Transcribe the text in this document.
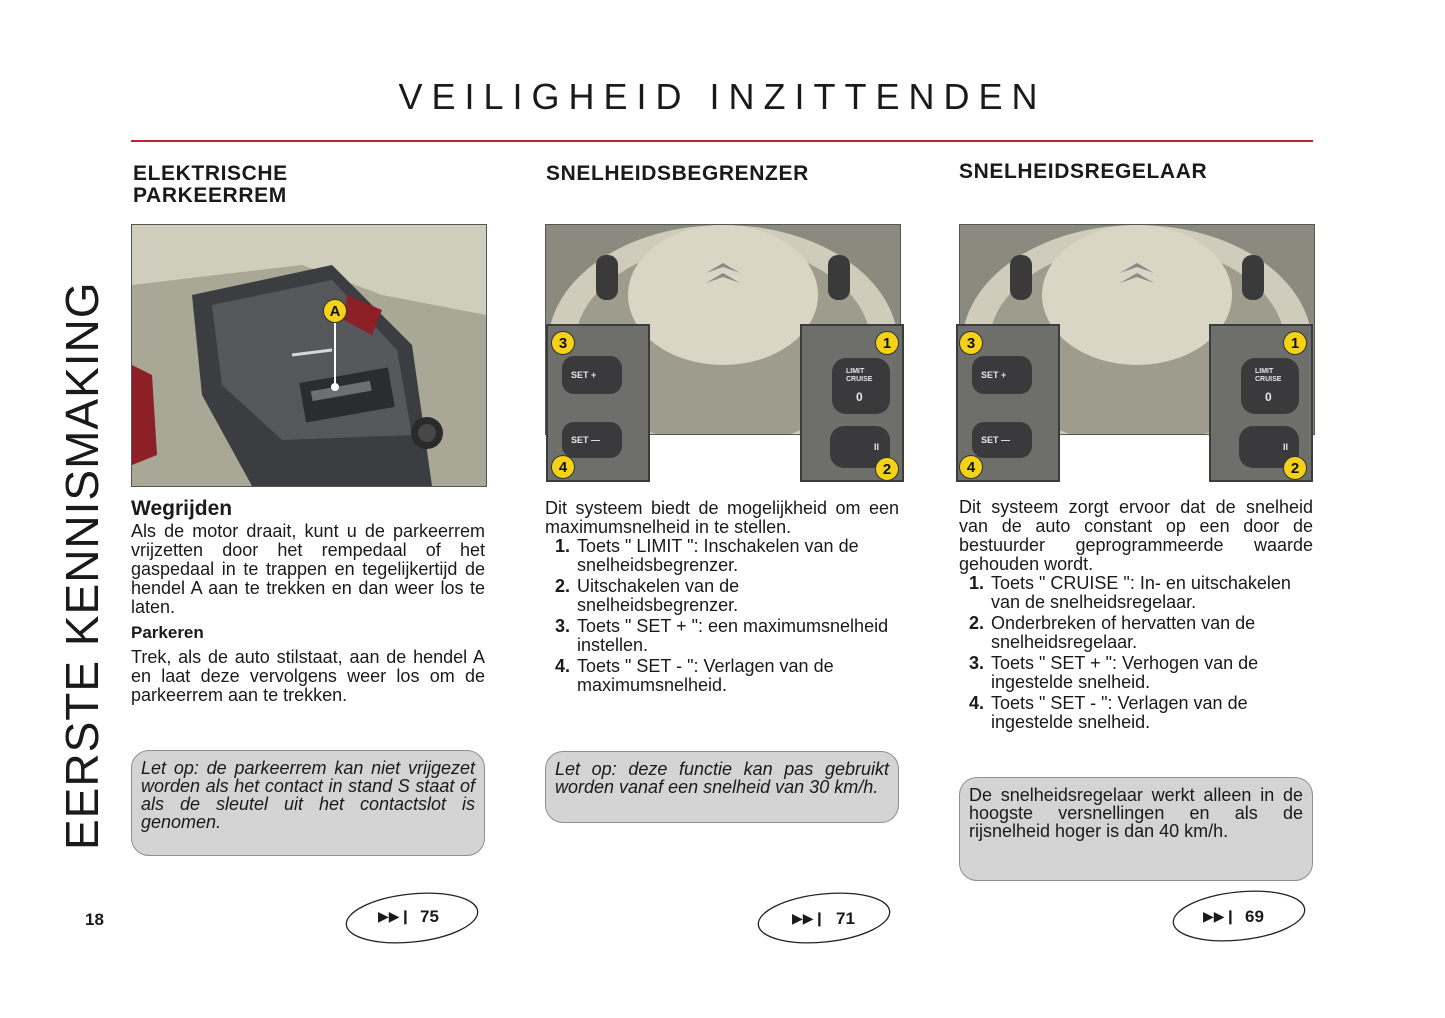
VEILIGHEID INZITTENDEN
EERSTE KENNISMAKING
ELEKTRISCHE
PARKEERREM
A
Wegrijden

Als de motor draait, kunt u de parkeerrem vrijzetten door het rempedaal of het gaspedaal in te trappen en tegelijkertijd de hendel A aan te trekken en dan weer los te laten.

Parkeren

Trek, als de auto stilstaat, aan de hendel A en laat deze vervolgens weer los om de parkeerrem aan te trekken.

Let op: de parkeerrem kan niet vrijgezet worden als het contact in stand S staat of als de sleutel uit het contactslot is genomen.
▶▶❙ 75
SNELHEIDSBEGRENZER
SET +
SET —
3
4
LIMIT
CRUISE
0
II
1
2

Dit systeem biedt de mogelijkheid om een maximumsnelheid in te stellen.

1. Toets " LIMIT ": Inschakelen van de snelheidsbegrenzer.
2. Uitschakelen van de snelheidsbegrenzer.
3. Toets " SET + ": een maximumsnelheid instellen.
4. Toets " SET - ": Verlagen van de maximumsnelheid.
Let op: deze functie kan pas gebruikt worden vanaf een snelheid van 30 km/h.
▶▶❙ 71
SNELHEIDSREGELAAR
SET +
SET —
3
4
LIMIT
CRUISE
0
II
1
2

Dit systeem zorgt ervoor dat de snelheid van de auto constant op een door de bestuurder geprogrammeerde waarde gehouden wordt.

1. Toets " CRUISE ": In- en uitschakelen van de snelheidsregelaar.
2. Onderbreken of hervatten van de snelheidsregelaar.
3. Toets " SET + ": Verhogen van de ingestelde snelheid.
4. Toets " SET - ": Verlagen van de ingestelde snelheid.
De snelheidsregelaar werkt alleen in de hoogste versnellingen en als de rijsnelheid hoger is dan 40 km/h.
▶▶❙ 69
18
